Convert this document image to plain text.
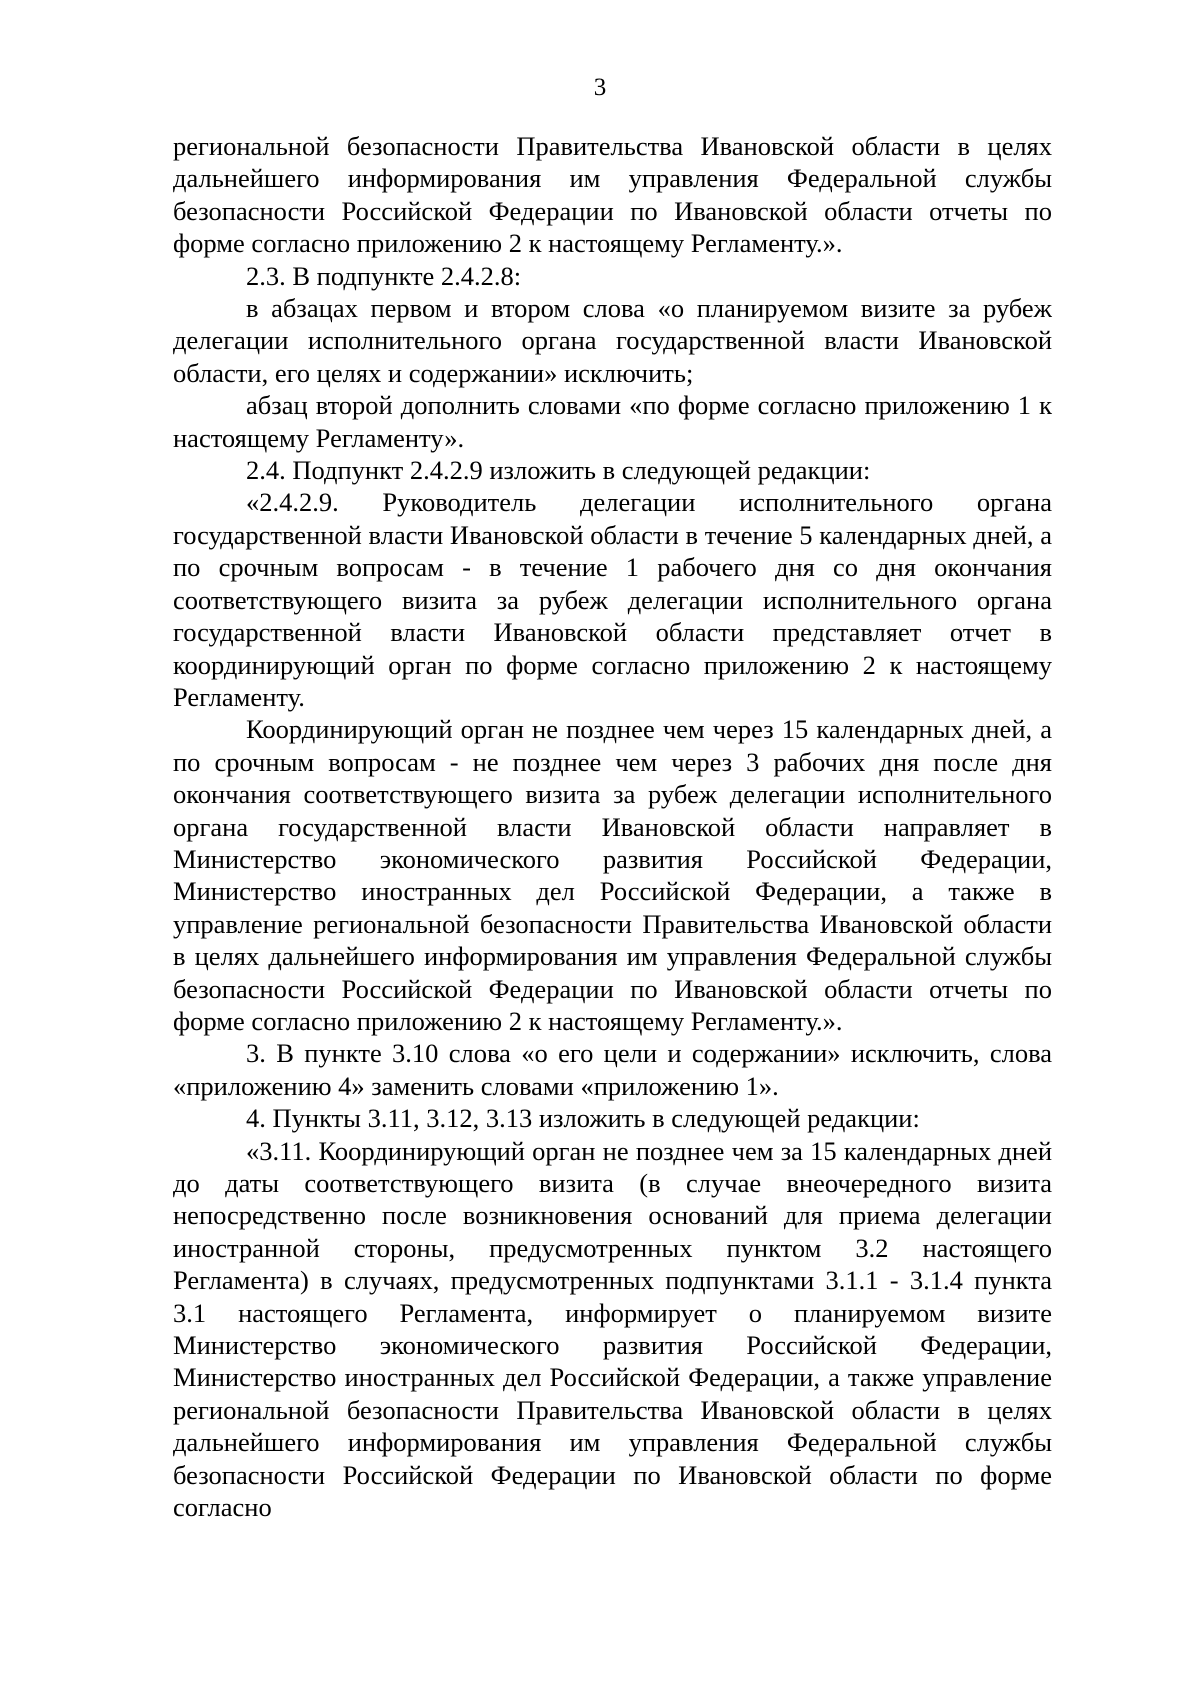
3

региональной безопасности Правительства Ивановской области в целях дальнейшего информирования им управления Федеральной службы безопасности Российской Федерации по Ивановской области отчеты по форме согласно приложению 2 к настоящему Регламенту.».

2.3. В подпункте 2.4.2.8:

в абзацах первом и втором слова «о планируемом визите за рубеж делегации исполнительного органа государственной власти Ивановской области, его целях и содержании» исключить;

абзац второй дополнить словами «по форме согласно приложению 1 к настоящему Регламенту».

2.4. Подпункт 2.4.2.9 изложить в следующей редакции:

«2.4.2.9. Руководитель делегации исполнительного органа государственной власти Ивановской области в течение 5 календарных дней, а по срочным вопросам - в течение 1 рабочего дня со дня окончания соответствующего визита за рубеж делегации исполнительного органа государственной власти Ивановской области представляет отчет в координирующий орган по форме согласно приложению 2 к настоящему Регламенту.

Координирующий орган не позднее чем через 15 календарных дней, а по срочным вопросам - не позднее чем через 3 рабочих дня после дня окончания соответствующего визита за рубеж делегации исполнительного органа государственной власти Ивановской области направляет в Министерство экономического развития Российской Федерации, Министерство иностранных дел Российской Федерации, а также в управление региональной безопасности Правительства Ивановской области в целях дальнейшего информирования им управления Федеральной службы безопасности Российской Федерации по Ивановской области отчеты по форме согласно приложению 2 к настоящему Регламенту.».

3. В пункте 3.10 слова «о его цели и содержании» исключить, слова «приложению 4» заменить словами «приложению 1».

4. Пункты 3.11, 3.12, 3.13 изложить в следующей редакции:

«3.11. Координирующий орган не позднее чем за 15 календарных дней до даты соответствующего визита (в случае внеочередного визита непосредственно после возникновения оснований для приема делегации иностранной стороны, предусмотренных пунктом 3.2 настоящего Регламента) в случаях, предусмотренных подпунктами 3.1.1 - 3.1.4 пункта 3.1 настоящего Регламента, информирует о планируемом визите Министерство экономического развития Российской Федерации, Министерство иностранных дел Российской Федерации, а также управление региональной безопасности Правительства Ивановской области в целях дальнейшего информирования им управления Федеральной службы безопасности Российской Федерации по Ивановской области по форме согласно
